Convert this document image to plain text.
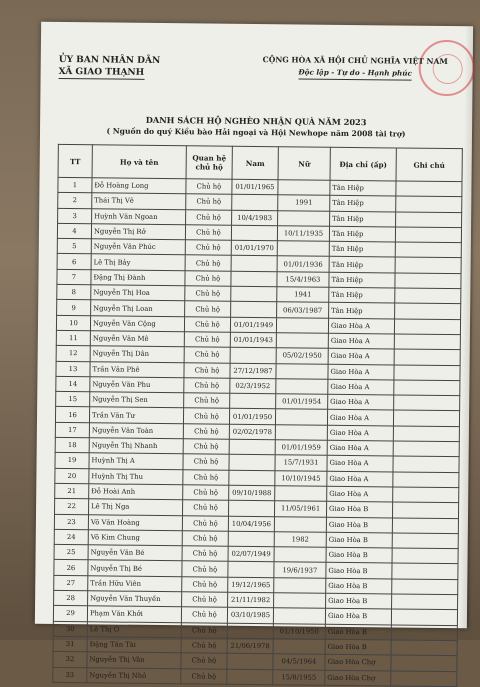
ỦY BAN NHÂN DÂN
XÃ GIAO THẠNH
CỘNG HÒA XÃ HỘI CHỦ NGHĨA VIỆT NAM
Độc lập - Tự do - Hạnh phúc
DANH SÁCH HỘ NGHÈO NHẬN QUÀ NĂM 2023
( Nguồn do quý Kiều bào Hải ngoại và Hội Newhope năm 2008 tài trợ)
TT	Họ và tên	Quan hệ chủ hộ	Nam	Nữ	Địa chỉ (ấp)	Ghi chú
1	Đỗ Hoàng Long	Chủ hộ	01/01/1965		Tân Hiệp	
2	Thái Thị Vẽ	Chủ hộ		1991	Tân Hiệp	
3	Huỳnh Văn Ngoan	Chủ hộ	10/4/1983		Tân Hiệp	
4	Nguyễn Thị Rở	Chủ hộ		10/11/1935	Tân Hiệp	
5	Nguyễn Văn Phúc	Chủ hộ	01/01/1970		Tân Hiệp	
6	Lê Thị Bảy	Chủ hộ		01/01/1936	Tân Hiệp	
7	Đặng Thị Đành	Chủ hộ		15/4/1963	Tân Hiệp	
8	Nguyễn Thị Hoa	Chủ hộ		1941	Tân Hiệp	
9	Nguyễn Thị Loan	Chủ hộ		06/03/1987	Tân Hiệp	
10	Nguyễn Văn Cộng	Chủ hộ	01/01/1949		Giao Hòa A	
11	Nguyễn Văn Mê	Chủ hộ	01/01/1943		Giao Hòa A	
12	Nguyễn Thị Dân	Chủ hộ		05/02/1950	Giao Hòa A	
13	Trần Văn Phê	Chủ hộ	27/12/1987		Giao Hòa A	
14	Nguyễn Văn Phu	Chủ hộ	02/3/1952		Giao Hòa A	
15	Nguyễn Thị Sen	Chủ hộ		01/01/1954	Giao Hòa A	
16	Trần Văn Tư	Chủ hộ	01/01/1950		Giao Hòa A	
17	Nguyễn Văn Toàn	Chủ hộ	02/02/1978		Giao Hòa A	
18	Nguyễn Thị Nhanh	Chủ hộ		01/01/1959	Giao Hòa A	
19	Huỳnh Thị A	Chủ hộ		15/7/1931	Giao Hòa A	
20	Huỳnh Thị Thu	Chủ hộ		10/10/1945	Giao Hòa A	
21	Đỗ Hoài Anh	Chủ hộ	09/10/1988		Giao Hòa A	
22	Lê Thị Nga	Chủ hộ		11/05/1961	Giao Hòa B	
23	Võ Văn Hoàng	Chủ hộ	10/04/1956		Giao Hòa B	
24	Võ Kim Chung	Chủ hộ		1982	Giao Hòa B	
25	Nguyễn Văn Bé	Chủ hộ	02/07/1949		Giao Hòa B	
26	Nguyễn Thị Bé	Chủ hộ		19/6/1937	Giao Hòa B	
27	Trần Hữu Viên	Chủ hộ	19/12/1965		Giao Hòa B	
28	Nguyễn Văn Thuyền	Chủ hộ	21/11/1982		Giao Hòa B	
29	Phạm Văn Khởi	Chủ hộ	03/10/1985		Giao Hòa B	
30	Lê Thị Ó	Chủ hộ		01/10/1950	Giao Hòa B	
31	Đặng Tấn Tài	Chủ hộ	21/06/1978		Giao Hòa B	
32	Nguyễn Thị Vân	Chủ hộ		04/5/1964	Giao Hòa Chợ	
33	Nguyễn Thị Nhỏ	Chủ hộ		15/8/1955	Giao Hòa Chợ	
